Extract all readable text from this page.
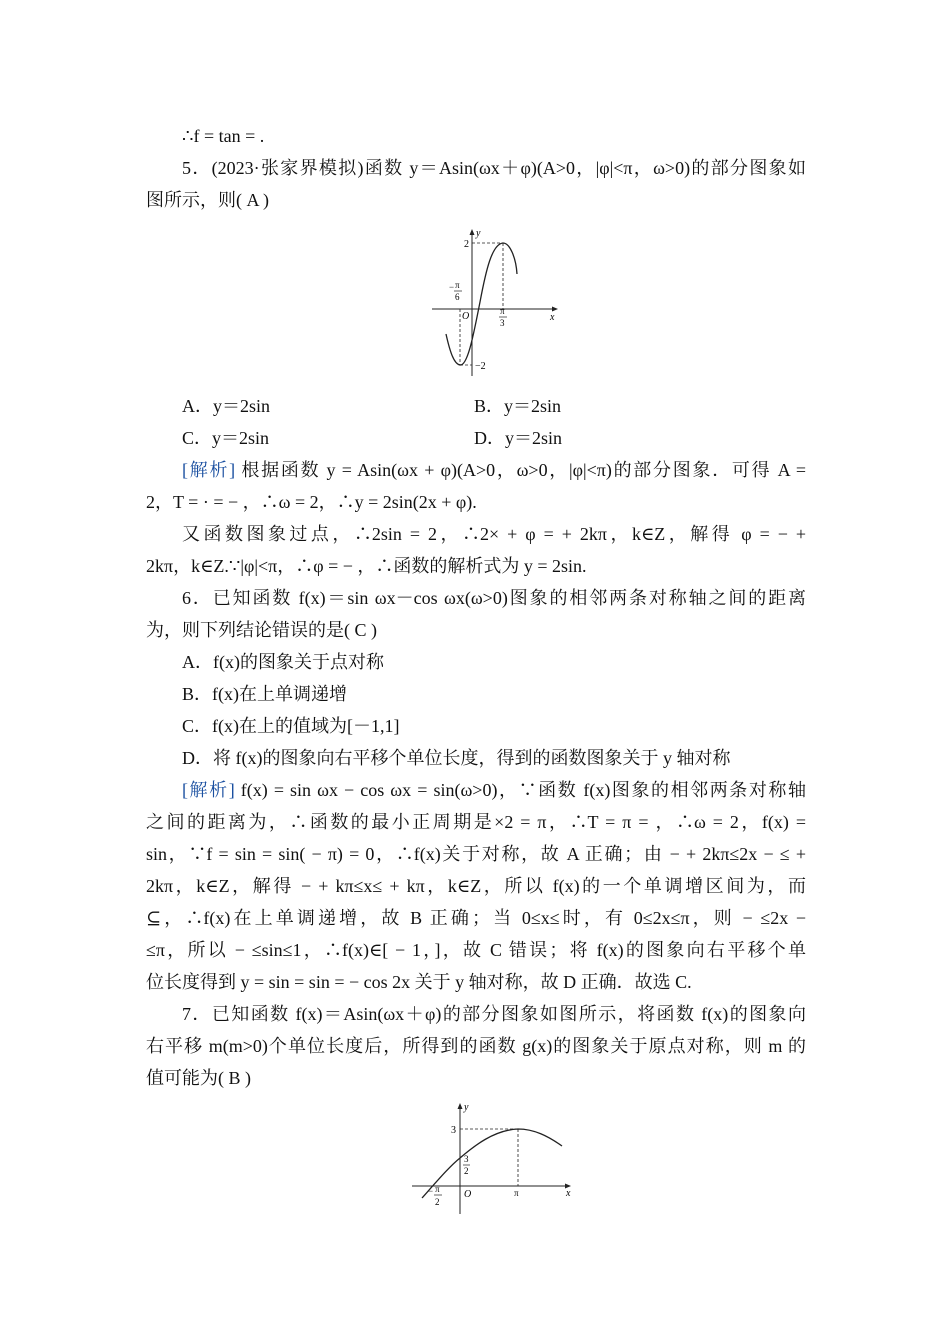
∴f = tan = .
5．(2023·张家界模拟)函数 y＝Asin(ωx＋φ)(A>0，|φ|<π，ω>0)的部分图象如
图所示，则( A )
y
x
O
2
−2
− π
6
π
3
A．y＝2sin	B．y＝2sin
C．y＝2sin	D．y＝2sin
[解析] 根据函数 y = Asin(ωx + φ)(A>0，ω>0，|φ|<π)的部分图象．可得 A =
2，T = · = − ，∴ω = 2，∴y = 2sin(2x + φ).
又函数图象过点，∴2sin = 2，∴2× + φ = + 2kπ，k∈Z，解得 φ = − +
2kπ，k∈Z.∵|φ|<π，∴φ = − ，∴函数的解析式为 y = 2sin.
6．已知函数 f(x)＝sin ωx－cos ωx(ω>0)图象的相邻两条对称轴之间的距离
为，则下列结论错误的是( C )
A．f(x)的图象关于点对称
B．f(x)在上单调递增
C．f(x)在上的值域为[－1,1]
D．将 f(x)的图象向右平移个单位长度，得到的函数图象关于 y 轴对称
[解析] f(x) = sin ωx − cos ωx = sin(ω>0)，∵函数 f(x)图象的相邻两条对称轴
之间的距离为，∴函数的最小正周期是×2 = π，∴T = π = ，∴ω = 2，f(x) =
sin，∵f = sin = sin( − π) = 0，∴f(x)关于对称，故 A 正确；由 − + 2kπ≤2x − ≤ +
2kπ，k∈Z，解得 − + kπ≤x≤ + kπ，k∈Z，所以 f(x)的一个单调增区间为，而
⊆，∴f(x)在上单调递增，故 B 正确；当 0≤x≤时，有 0≤2x≤π，则 − ≤2x −
≤π，所以 − ≤sin≤1，∴f(x)∈[ − 1，]，故 C 错误；将 f(x)的图象向右平移个单
位长度得到 y = sin = sin = − cos 2x 关于 y 轴对称，故 D 正确．故选 C.
7．已知函数 f(x)＝Asin(ωx＋φ)的部分图象如图所示，将函数 f(x)的图象向
右平移 m(m>0)个单位长度后，所得到的函数 g(x)的图象关于原点对称，则 m 的
值可能为( B )
y
x
O
3
3
2
− π
2
π
